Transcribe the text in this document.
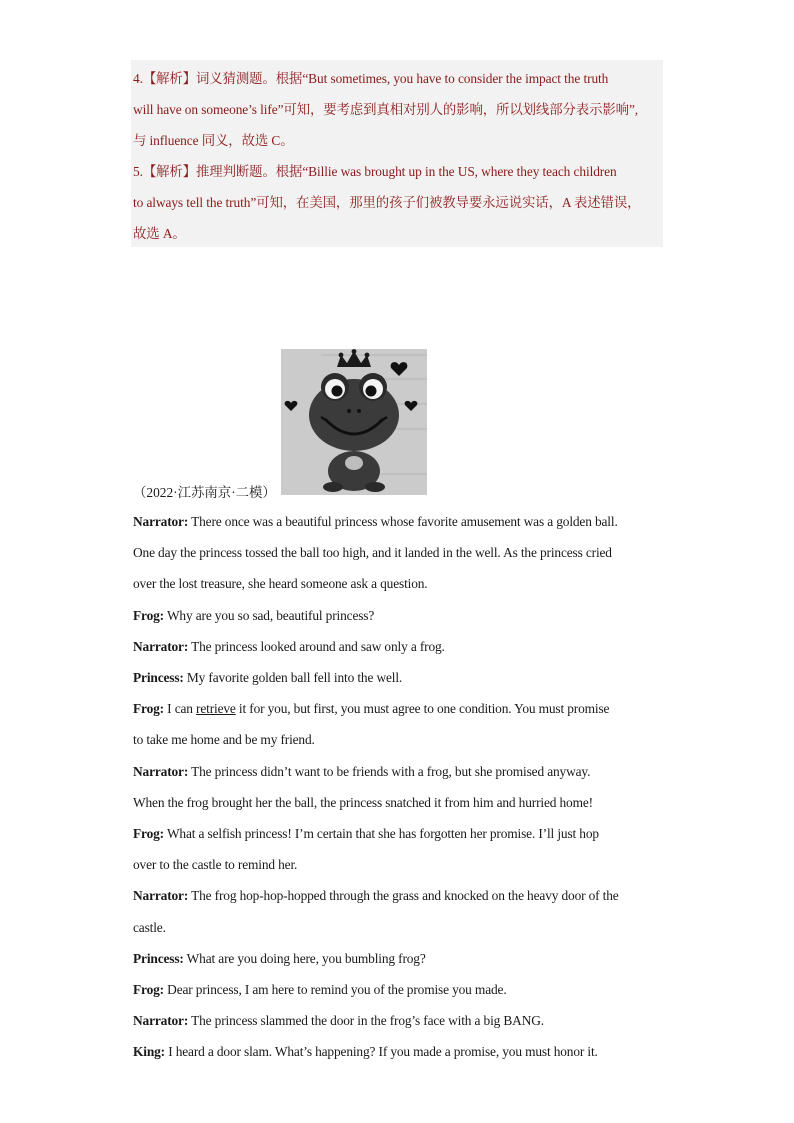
4.【解析】词义猜测题。根据“But sometimes, you have to consider the impact the truth
will have on someone’s life”可知，要考虑到真相对别人的影响，所以划线部分表示影响”,
与 influence 同义，故选 C。
5.【解析】推理判断题。根据“Billie was brought up in the US, where they teach children
to always tell the truth”可知，在美国，那里的孩子们被教导要永远说实话，A 表述错误，
故选 A。
（2022·江苏南京·二模）
Narrator: There once was a beautiful princess whose favorite amusement was a golden ball.
One day the princess tossed the ball too high, and it landed in the well. As the princess cried
over the lost treasure, she heard someone ask a question.
Frog: Why are you so sad, beautiful princess?
Narrator: The princess looked around and saw only a frog.
Princess: My favorite golden ball fell into the well.
Frog: I can retrieve it for you, but first, you must agree to one condition. You must promise
to take me home and be my friend.
Narrator: The princess didn’t want to be friends with a frog, but she promised anyway.
When the frog brought her the ball, the princess snatched it from him and hurried home!
Frog: What a selfish princess! I’m certain that she has forgotten her promise. I’ll just hop
over to the castle to remind her.
Narrator: The frog hop-hop-hopped through the grass and knocked on the heavy door of the
castle.
Princess: What are you doing here, you bumbling frog?
Frog: Dear princess, I am here to remind you of the promise you made.
Narrator: The princess slammed the door in the frog’s face with a big BANG.
King: I heard a door slam. What’s happening? If you made a promise, you must honor it.
